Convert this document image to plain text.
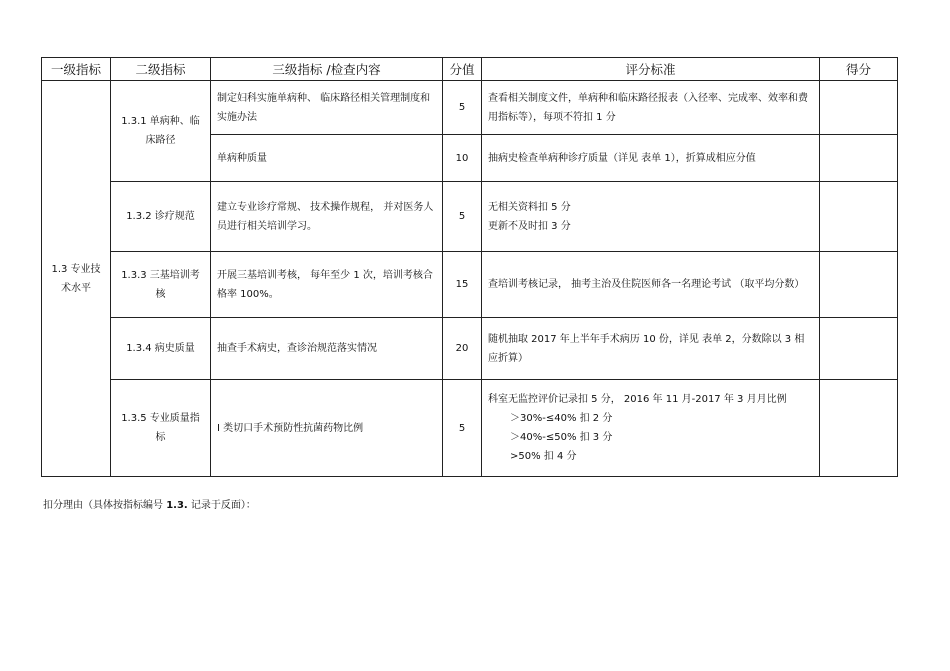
一级指标	二级指标	三级指标 /检查内容	分值	评分标准	得分
1.3 专业技术水平	1.3.1 单病种、临床路径	制定妇科实施单病种、 临床路径相关管理制度和实施办法	5	查看相关制度文件，单病种和临床路径报表（入径率、完成率、效率和费用指标等），每项不符扣 1 分	
		单病种质量	10	抽病史检查单病种诊疗质量（详见 表单 1），折算成相应分值	
	1.3.2 诊疗规范	建立专业诊疗常规、 技术操作规程， 并对医务人员进行相关培训学习。	5	无相关资料扣 5 分
更新不及时扣 3 分	

	1.3.3 三基培训考核	开展三基培训考核， 每年至少 1 次，培训考核合格率 100%。	15	查培训考核记录， 抽考主治及住院医师各一名理论考试 （取平均分数）	
	1.3.4 病史质量	抽查手术病史，查诊治规范落实情况	20	随机抽取 2017 年上半年手术病历 10 份，详见 表单 2，分数除以 3 相应折算）	
	1.3.5 专业质量指标	I 类切口手术预防性抗菌药物比例	5	科室无监控评价记录扣 5 分， 2016 年 11 月-2017 年 3 月月比例
＞30%-≤40% 扣 2 分
＞40%-≤50% 扣 3 分
>50% 扣 4 分	

扣分理由（具体按指标编号 1.3. 记录于反面）：
